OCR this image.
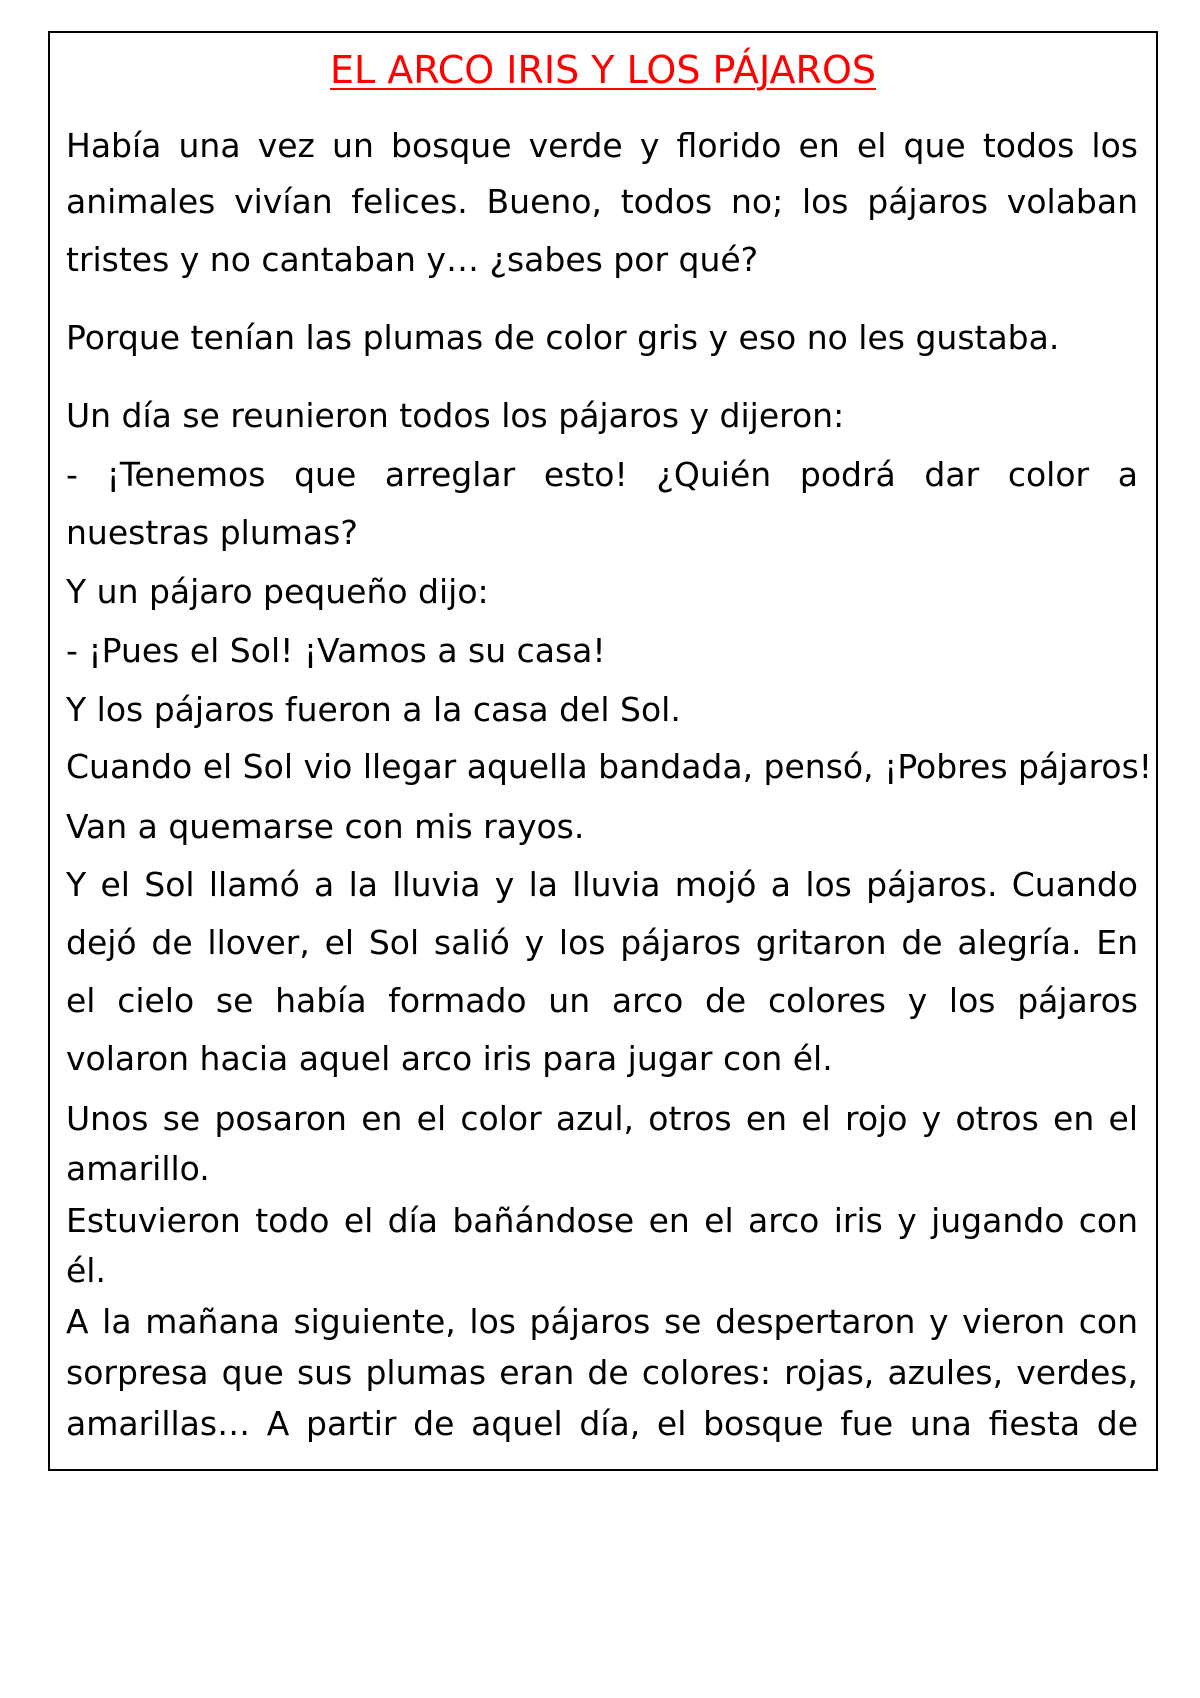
EL ARCO IRIS Y LOS PÁJAROS

Había una vez un bosque verde y florido en el que todos los

animales vivían felices. Bueno, todos no; los pájaros volaban

tristes y no cantaban y… ¿sabes por qué?

Porque tenían las plumas de color gris y eso no les gustaba.

Un día se reunieron todos los pájaros y dijeron:

- ¡Tenemos que arreglar esto! ¿Quién podrá dar color a

nuestras plumas?

Y un pájaro pequeño dijo:

- ¡Pues el Sol! ¡Vamos a su casa!

Y los pájaros fueron a la casa del Sol.

Cuando el Sol vio llegar aquella bandada, pensó, ¡Pobres pájaros!

Van a quemarse con mis rayos.

Y el Sol llamó a la lluvia y la lluvia mojó a los pájaros. Cuando

dejó de llover, el Sol salió y los pájaros gritaron de alegría. En

el cielo se había formado un arco de colores y los pájaros

volaron hacia aquel arco iris para jugar con él.

Unos se posaron en el color azul, otros en el rojo y otros en el

amarillo.

Estuvieron todo el día bañándose en el arco iris y jugando con

él.

A la mañana siguiente, los pájaros se despertaron y vieron con

sorpresa que sus plumas eran de colores: rojas, azules, verdes,

amarillas… A partir de aquel día, el bosque fue una fiesta de
